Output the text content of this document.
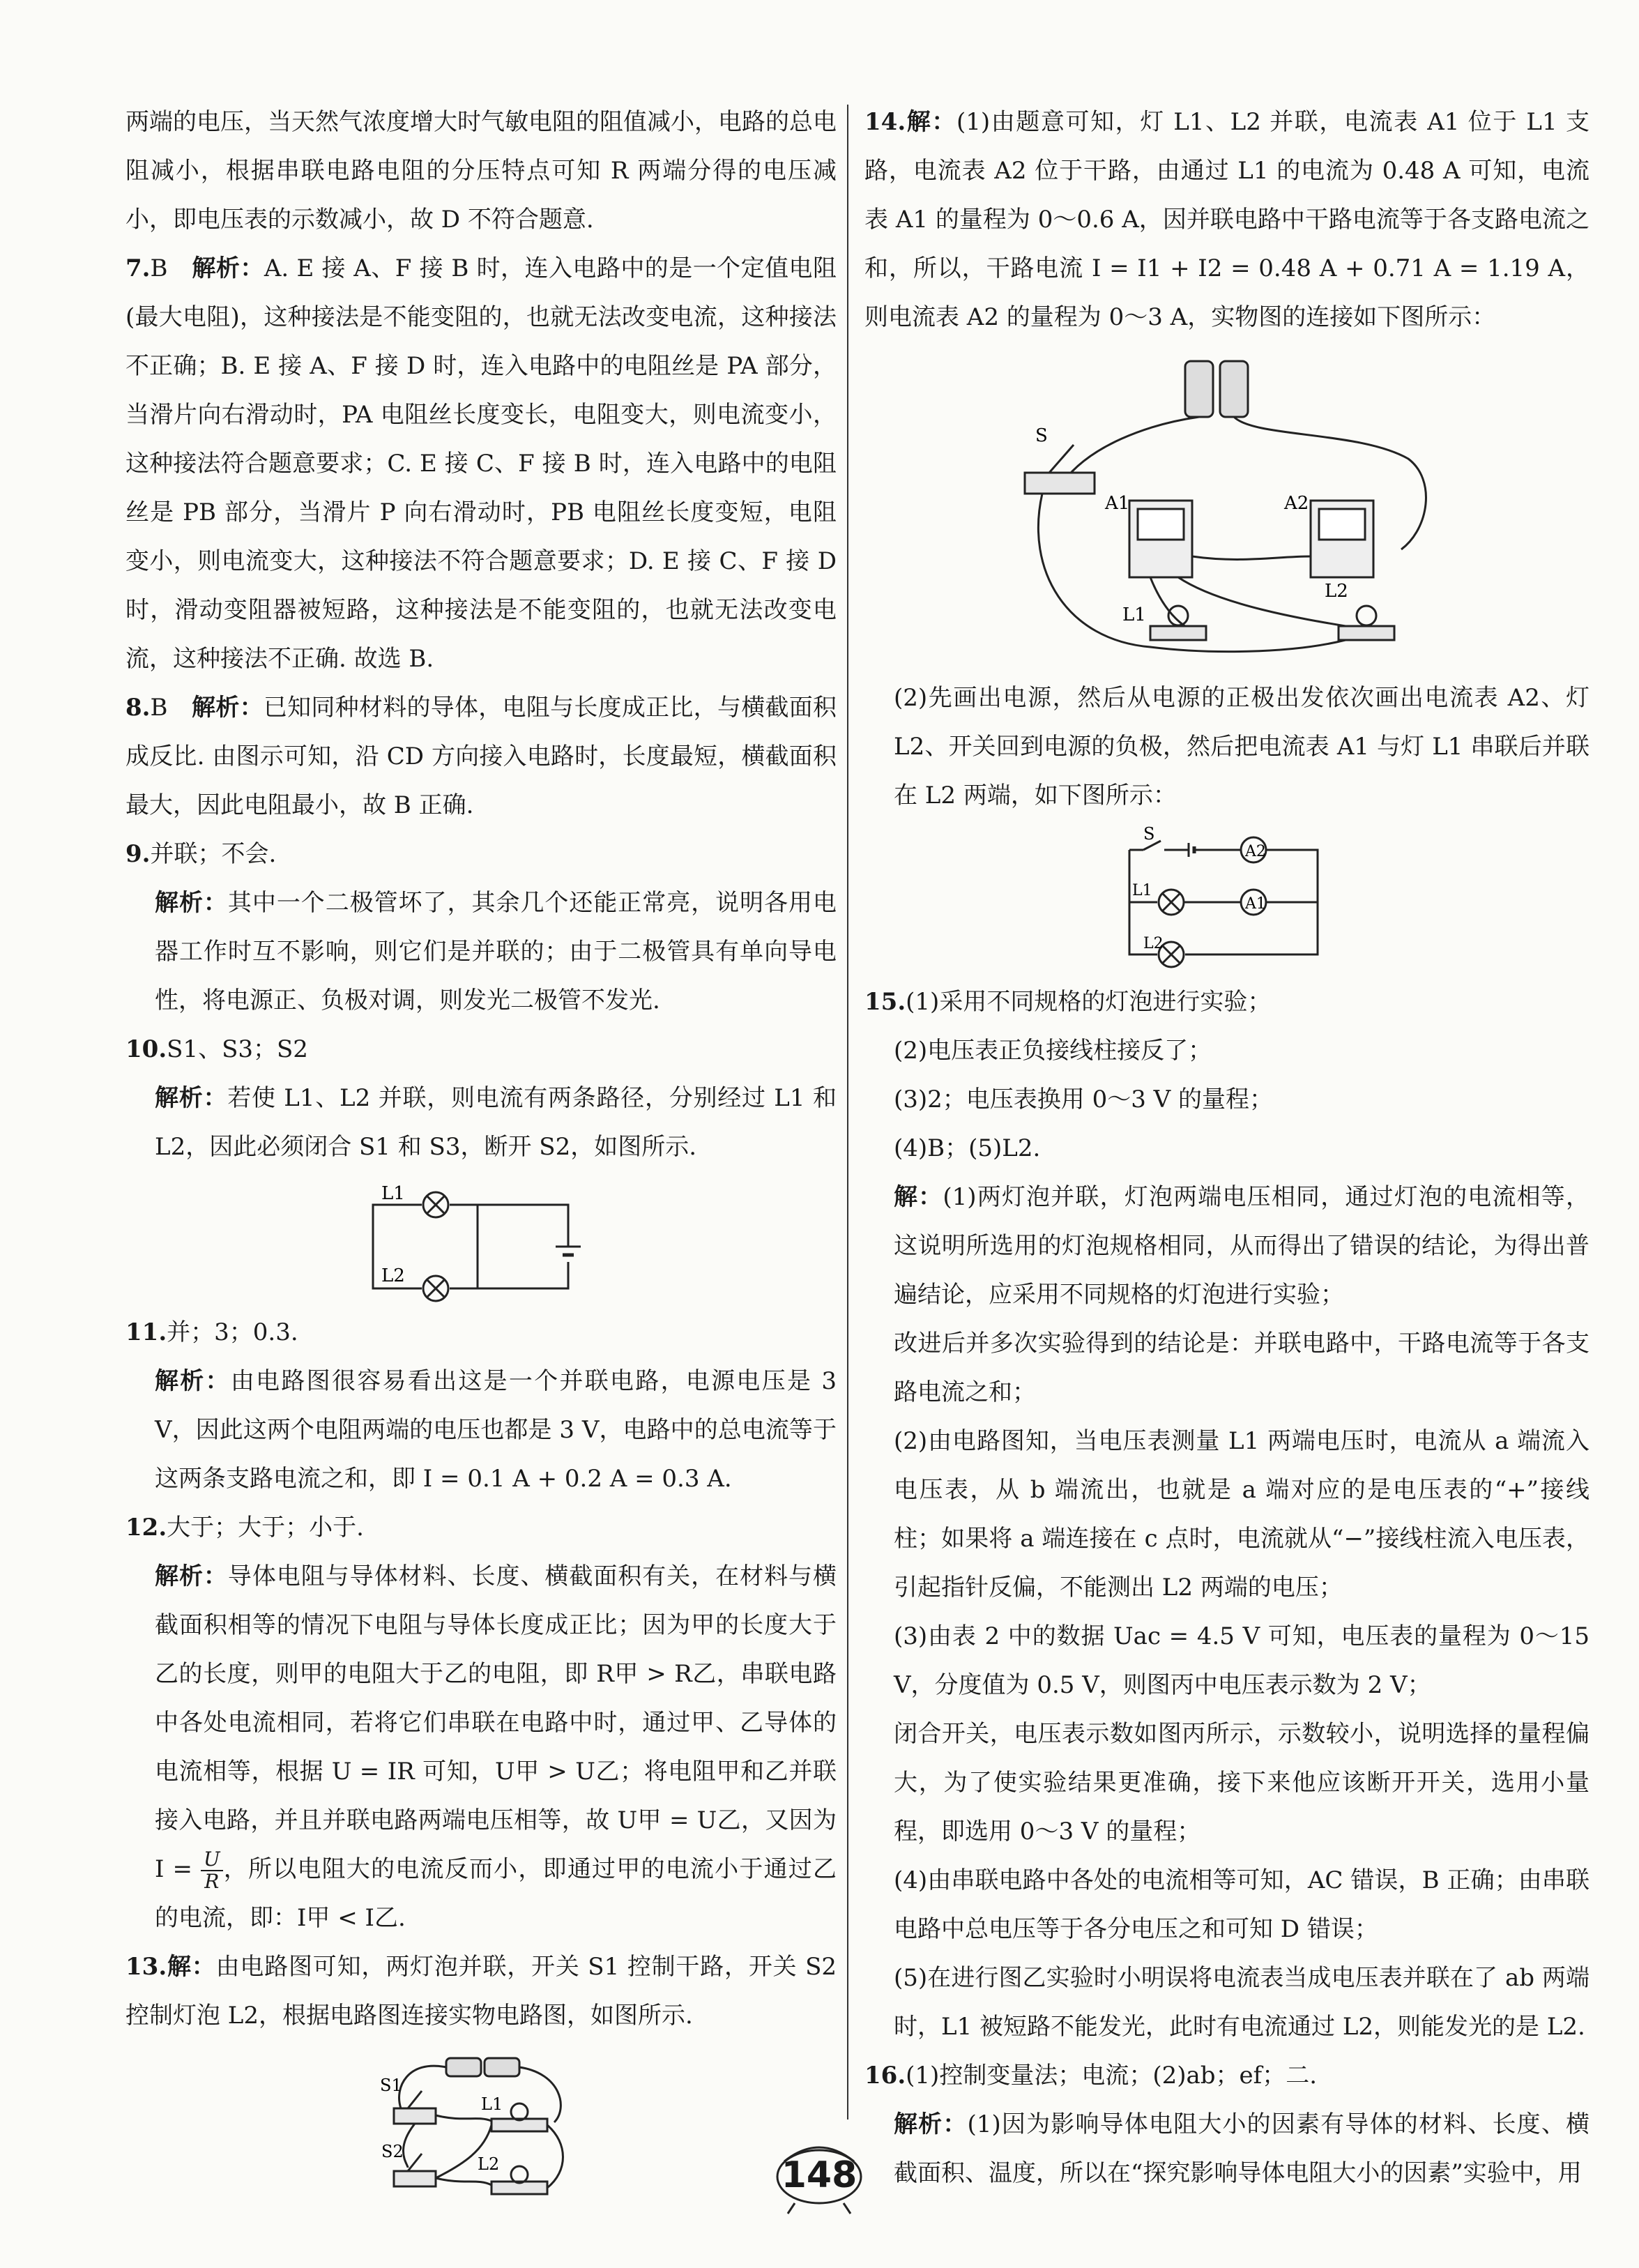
两端的电压，当天然气浓度增大时气敏电阻的阻值减小，电路的总电阻减小，根据串联电路电阻的分压特点可知 R 两端分得的电压减小，即电压表的示数减小，故 D 不符合题意.

7.B　 解析：A. E 接 A、F 接 B 时，连入电路中的是一个定值电阻(最大电阻)，这种接法是不能变阻的，也就无法改变电流，这种接法不正确；B. E 接 A、F 接 D 时，连入电路中的电阻丝是 PA 部分，当滑片向右滑动时，PA 电阻丝长度变长，电阻变大，则电流变小，这种接法符合题意要求；C. E 接 C、F 接 B 时，连入电路中的电阻丝是 PB 部分，当滑片 P 向右滑动时，PB 电阻丝长度变短，电阻变小，则电流变大，这种接法不符合题意要求；D. E 接 C、F 接 D 时，滑动变阻器被短路，这种接法是不能变阻的，也就无法改变电流，这种接法不正确. 故选 B.

8.B　 解析：已知同种材料的导体，电阻与长度成正比，与横截面积成反比. 由图示可知，沿 CD 方向接入电路时，长度最短，横截面积最大，因此电阻最小，故 B 正确.

9.并联；不会.

解析：其中一个二极管坏了，其余几个还能正常亮，说明各用电器工作时互不影响，则它们是并联的；由于二极管具有单向导电性，将电源正、负极对调，则发光二极管不发光.

10.S1、S3；S2

解析：若使 L1、L2 并联，则电流有两条路径，分别经过 L1 和 L2，因此必须闭合 S1 和 S3，断开 S2，如图所示.

L1
L2

11.并；3；0.3.

解析：由电路图很容易看出这是一个并联电路，电源电压是 3 V，因此这两个电阻两端的电压也都是 3 V，电路中的总电流等于这两条支路电流之和，即 I = 0.1 A + 0.2 A = 0.3 A.

12.大于；大于；小于.

解析：导体电阻与导体材料、长度、横截面积有关，在材料与横截面积相等的情况下电阻与导体长度成正比；因为甲的长度大于乙的长度，则甲的电阻大于乙的电阻，即 R甲 > R乙，串联电路中各处电流相同，若将它们串联在电路中时，通过甲、乙导体的电流相等，根据 U = IR 可知，U甲 > U乙；将电阻甲和乙并联接入电路，并且并联电路两端电压相等，故 U甲 = U乙，又因为 $I = \frac{U}{R}$ ，所以电阻大的电流反而小，即通过甲的电流小于通过乙的电流，即：I甲 < I乙.

13.解：由电路图可知，两灯泡并联，开关 S1 控制干路，开关 S2 控制灯泡 L2，根据电路图连接实物电路图，如图所示.

S1
S2
L1
L2

14.解：(1)由题意可知，灯 L1、L2 并联，电流表 A1 位于 L1 支路，电流表 A2 位于干路，由通过 L1 的电流为 0.48 A 可知，电流表 A1 的量程为 0～0.6 A，因并联电路中干路电流等于各支路电流之和，所以，干路电流 I = I1 + I2 = 0.48 A + 0.71 A = 1.19 A，则电流表 A2 的量程为 0～3 A，实物图的连接如下图所示：

S
A1	A2
L1
L2

(2)先画出电源，然后从电源的正极出发依次画出电流表 A2、灯 L2、开关回到电源的负极，然后把电流表 A1 与灯 L1 串联后并联在 L2 两端，如下图所示：

S
A2
A1
L1
L2

15.(1)采用不同规格的灯泡进行实验；

(2)电压表正负接线柱接反了；

(3)2；电压表换用 0～3 V 的量程；

(4)B；(5)L2.

解：(1)两灯泡并联，灯泡两端电压相同，通过灯泡的电流相等，这说明所选用的灯泡规格相同，从而得出了错误的结论，为得出普遍结论，应采用不同规格的灯泡进行实验；

改进后并多次实验得到的结论是：并联电路中，干路电流等于各支路电流之和；

(2)由电路图知，当电压表测量 L1 两端电压时，电流从 a 端流入电压表，从 b 端流出，也就是 a 端对应的是电压表的“+”接线柱；如果将 a 端连接在 c 点时，电流就从“−”接线柱流入电压表，引起指针反偏，不能测出 L2 两端的电压；

(3)由表 2 中的数据 Uac = 4.5 V 可知，电压表的量程为 0～15 V，分度值为 0.5 V，则图丙中电压表示数为 2 V；

闭合开关，电压表示数如图丙所示，示数较小，说明选择的量程偏大，为了使实验结果更准确，接下来他应该断开开关，选用小量程，即选用 0～3 V 的量程；

(4)由串联电路中各处的电流相等可知，AC 错误，B 正确；由串联电路中总电压等于各分电压之和可知 D 错误；

(5)在进行图乙实验时小明误将电流表当成电压表并联在了 ab 两端时，L1 被短路不能发光，此时有电流通过 L2，则能发光的是 L2.

16.(1)控制变量法；电流；(2)ab；ef；二.

解析：(1)因为影响导体电阻大小的因素有导体的材料、长度、横截面积、温度，所以在“探究影响导体电阻大小的因素”实验中，用

148
